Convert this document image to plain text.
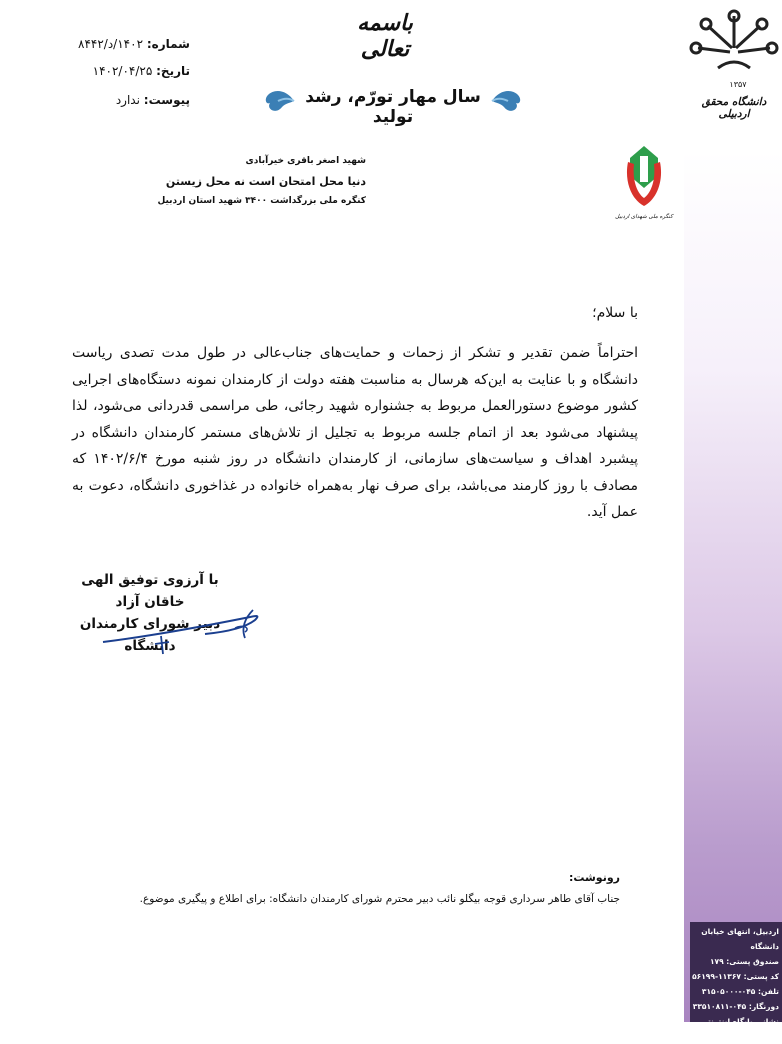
۱۳۵۷
دانشگاه محقق اردبیلی
باسمه تعالی
شماره: ۱۴۰۲/د/۸۴۴۲
تاریخ: ۱۴۰۲/۰۴/۲۵
پیوست: ندارد	سال مهار تورّم، رشد تولید
شهید اصغر باقری خیرآبادی
دنیا محل امتحان است نه محل زیستن
کنگره ملی بزرگداشت ۳۴۰۰ شهید استان اردبیل
کنگره ملی شهدای اردبیل
با سلام؛
احتراماً ضمن تقدیر و تشکر از زحمات و حمایت‌های جناب‌عالی در طول مدت تصدی ریاست دانشگاه و با عنایت به این‌که هرسال به مناسبت هفته دولت از کارمندان نمونه دستگاه‌های اجرایی کشور موضوع دستورالعمل مربوط به جشنواره شهید رجائی، طی مراسمی قدردانی می‌شود، لذا پیشنهاد می‌شود بعد از اتمام جلسه مربوط به تجلیل از تلاش‌های مستمر کارمندان دانشگاه در پیشبرد اهداف و سیاست‌های سازمانی، از کارمندان دانشگاه در روز شنبه مورخ ۱۴۰۲/۶/۴ که مصادف با روز کارمند می‌باشد، برای صرف نهار به‌همراه خانواده در غذاخوری دانشگاه، دعوت به عمل آید.
با آرزوی توفیق الهی
خاقان آزاد
دبیر شورای کارمندان دانشگاه
رونوشت:
جناب آقای طاهر سرداری قوجه بیگلو نائب دبیر محترم شورای کارمندان دانشگاه: برای اطلاع و پیگیری موضوع.
اردبیل، انتهای خیابان دانشگاه
صندوق پستی: ۱۷۹
کد پستی: ۱۱۳۶۷-۵۶۱۹۹
تلفن: ۰۴۵-۳۱۵۰۵۰۰۰
دورنگار: ۰۴۵-۳۳۵۱۰۸۱۱
نشانی پایگاه اینترنتی دانشگاه
